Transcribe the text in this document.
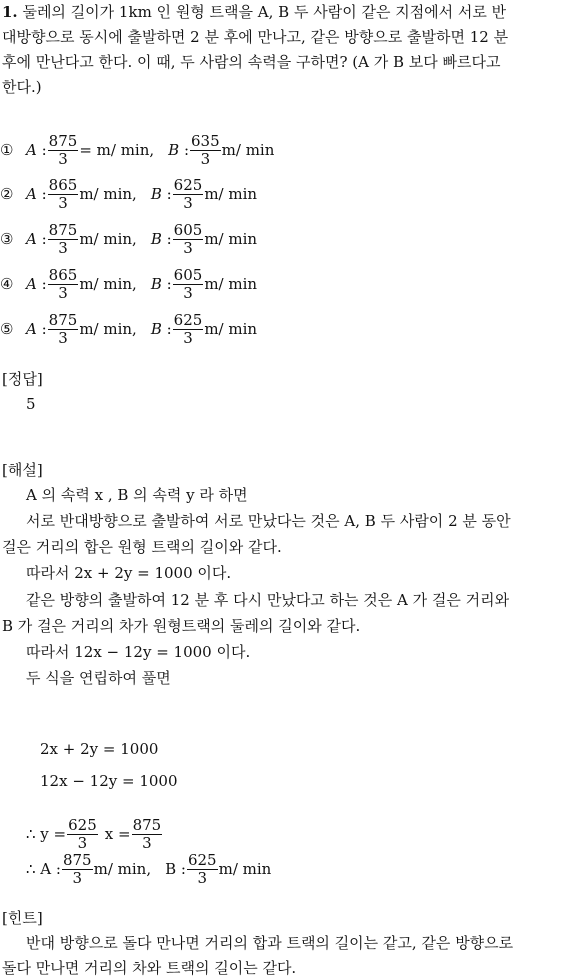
1. 둘레의 길이가 1km 인 원형 트랙을 A, B 두 사람이 같은 지점에서 서로 반
대방향으로 동시에 출발하면 2 분 후에 만나고, 같은 방향으로 출발하면 12 분
후에 만난다고 한다. 이 때, 두 사람의 속력을 구하면? (A 가 B 보다 빠르다고
한다.)
① A : $\frac{875}{3} = m/$ min, B : $\frac{635}{3} m/$ min
② A : $\frac{865}{3} m/$ min, B : $\frac{625}{3} m/$ min
③ A : $\frac{875}{3} m/$ min, B : $\frac{605}{3} m/$ min
④ A : $\frac{865}{3} m/$ min, B : $\frac{605}{3} m/$ min
⑤ A : $\frac{875}{3} m/$ min, B : $\frac{625}{3} m/$ min
[정답]
5
[해설]
A 의 속력 x , B 의 속력 y 라 하면
서로 반대방향으로 출발하여 서로 만났다는 것은 A, B 두 사람이 2 분 동안
걸은 거리의 합은 원형 트랙의 길이와 같다.
따라서 2x + 2y = 1000 이다.
같은 방향의 출발하여 12 분 후 다시 만났다고 하는 것은 A 가 걸은 거리와
B 가 걸은 거리의 차가 원형트랙의 둘레의 길이와 같다.
따라서 12x − 12y = 1000 이다.
두 식을 연립하여 풀면
2x + 2y = 1000
12x − 12y = 1000
∴ $y = \frac{625}{3}$ $x = \frac{875}{3}$
∴ A : $\frac{875}{3} m/$ min, B : $\frac{625}{3} m/$ min
[힌트]
반대 방향으로 돌다 만나면 거리의 합과 트랙의 길이는 같고, 같은 방향으로
돌다 만나면 거리의 차와 트랙의 길이는 같다.
